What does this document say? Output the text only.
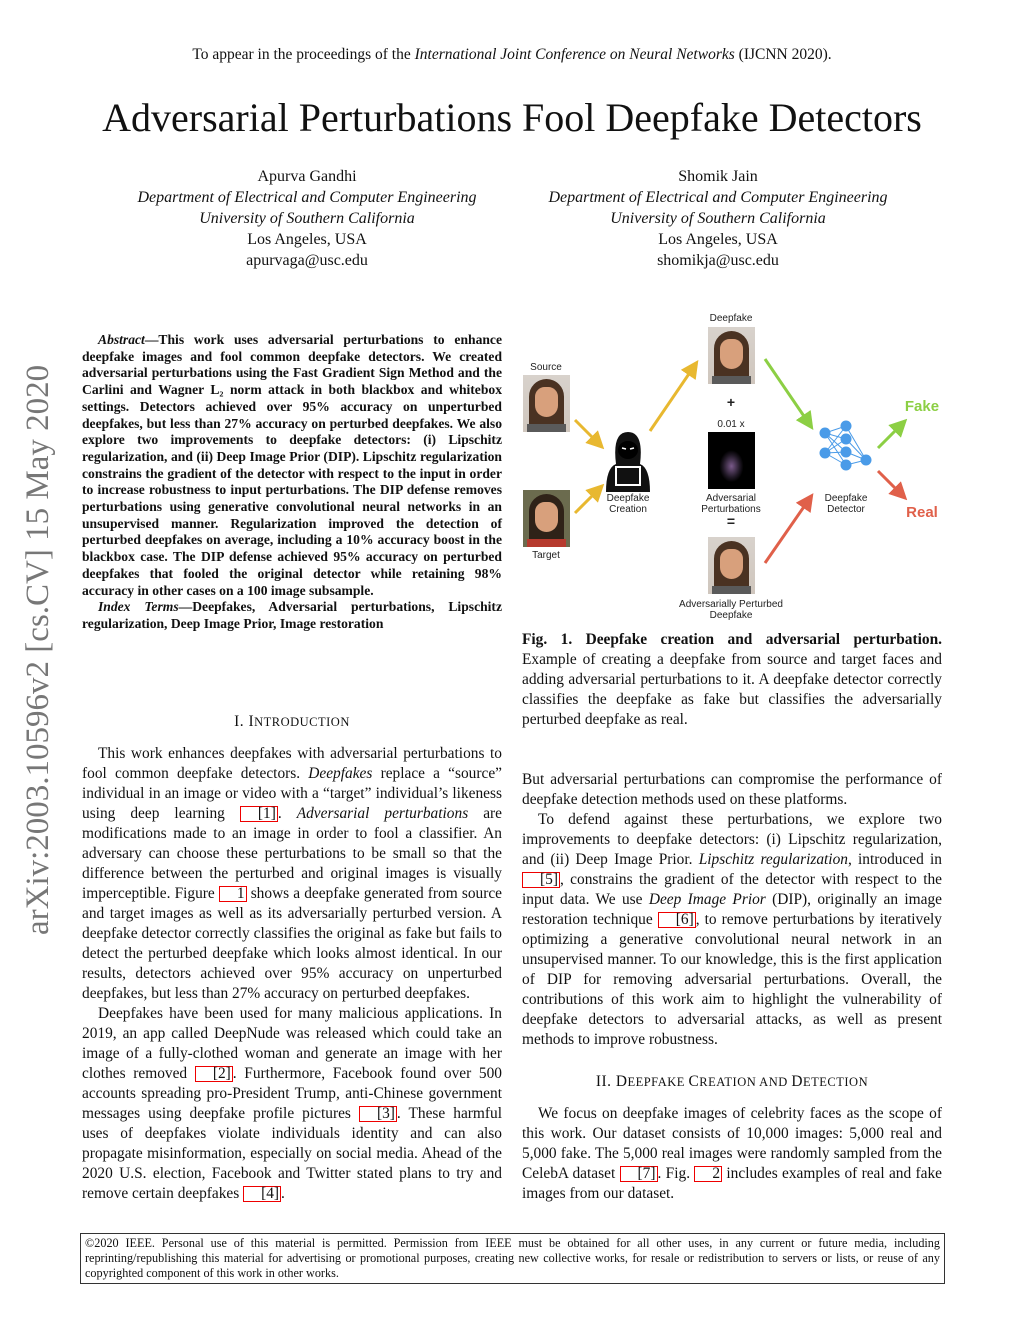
To appear in the proceedings of the International Joint Conference on Neural Networks (IJCNN 2020).
Adversarial Perturbations Fool Deepfake Detectors
Apurva Gandhi
Department of Electrical and Computer Engineering
University of Southern California
Los Angeles, USA
apurvaga@usc.edu
Shomik Jain
Department of Electrical and Computer Engineering
University of Southern California
Los Angeles, USA
shomikja@usc.edu
arXiv:2003.10596v2 [cs.CV] 15 May 2020

Abstract—This work uses adversarial perturbations to enhance deepfake images and fool common deepfake detectors. We created adversarial perturbations using the Fast Gradient Sign Method and the Carlini and Wagner L₂ norm attack in both blackbox and whitebox settings. Detectors achieved over 95% accuracy on unperturbed deepfakes, but less than 27% accuracy on perturbed deepfakes. We also explore two improvements to deepfake detectors: (i) Lipschitz regularization, and (ii) Deep Image Prior (DIP). Lipschitz regularization constrains the gradient of the detector with respect to the input in order to increase robustness to input perturbations. The DIP defense removes perturbations using generative convolutional neural networks in an unsupervised manner. Regularization improved the detection of perturbed deepfakes on average, including a 10% accuracy boost in the blackbox case. The DIP defense achieved 95% accuracy on perturbed deepfakes that fooled the original detector while retaining 98% accuracy in other cases on a 100 image subsample.

Index Terms—Deepfakes, Adversarial perturbations, Lipschitz regularization, Deep Image Prior, Image restoration

I. INTRODUCTION

This work enhances deepfakes with adversarial perturbations to fool common deepfake detectors. Deepfakes replace a “source” individual in an image or video with a “target” individual’s likeness using deep learning [1] . Adversarial perturbations are modifications made to an image in order to fool a classifier. An adversary can choose these perturbations to be small so that the difference between the perturbed and original images is visually imperceptible. Figure 1 shows a deepfake generated from source and target images as well as its adversarially perturbed version. A deepfake detector correctly classifies the original as fake but fails to detect the perturbed deepfake which looks almost identical. In our results, detectors achieved over 95% accuracy on unperturbed deepfakes, but less than 27% accuracy on perturbed deepfakes.

Deepfakes have been used for many malicious applications. In 2019, an app called DeepNude was released which could take an image of a fully-clothed woman and generate an image with her clothes removed [2] . Furthermore, Facebook found over 500 accounts spreading pro-President Trump, anti-Chinese government messages using deepfake profile pictures [3] . These harmful uses of deepfakes violate individuals identity and can also propagate misinformation, especially on social media. Ahead of the 2020 U.S. election, Facebook and Twitter stated plans to try and remove certain deepfakes [4] .

Source
Target
Deepfake
Creation
Deepfake
+
0.01 x
Adversarial
Perturbations
=
Adversarially Perturbed
Deepfake
Deepfake
Detector
Fake
Real
Fig. 1. Deepfake creation and adversarial perturbation. Example of creating a deepfake from source and target faces and adding adversarial perturbations to it. A deepfake detector correctly classifies the deepfake as fake but classifies the adversarially perturbed deepfake as real.

But adversarial perturbations can compromise the performance of deepfake detection methods used on these platforms.

To defend against these perturbations, we explore two improvements to deepfake detectors: (i) Lipschitz regularization, and (ii) Deep Image Prior. Lipschitz regularization, introduced in [5] , constrains the gradient of the detector with respect to the input data. We use Deep Image Prior (DIP), originally an image restoration technique [6] , to remove perturbations by iteratively optimizing a generative convolutional neural network in an unsupervised manner. To our knowledge, this is the first application of DIP for removing adversarial perturbations. Overall, the contributions of this work aim to highlight the vulnerability of deepfake detectors to adversarial attacks, as well as present methods to improve robustness.

II. DEEPFAKE CREATION AND DETECTION

We focus on deepfake images of celebrity faces as the scope of this work. Our dataset consists of 10,000 images: 5,000 real and 5,000 fake. The 5,000 real images were randomly sampled from the CelebA dataset [7] . Fig. 2 includes examples of real and fake images from our dataset.

©2020 IEEE. Personal use of this material is permitted. Permission from IEEE must be obtained for all other uses, in any current or future media, including reprinting/republishing this material for advertising or promotional purposes, creating new collective works, for resale or redistribution to servers or lists, or reuse of any copyrighted component of this work in other works.
